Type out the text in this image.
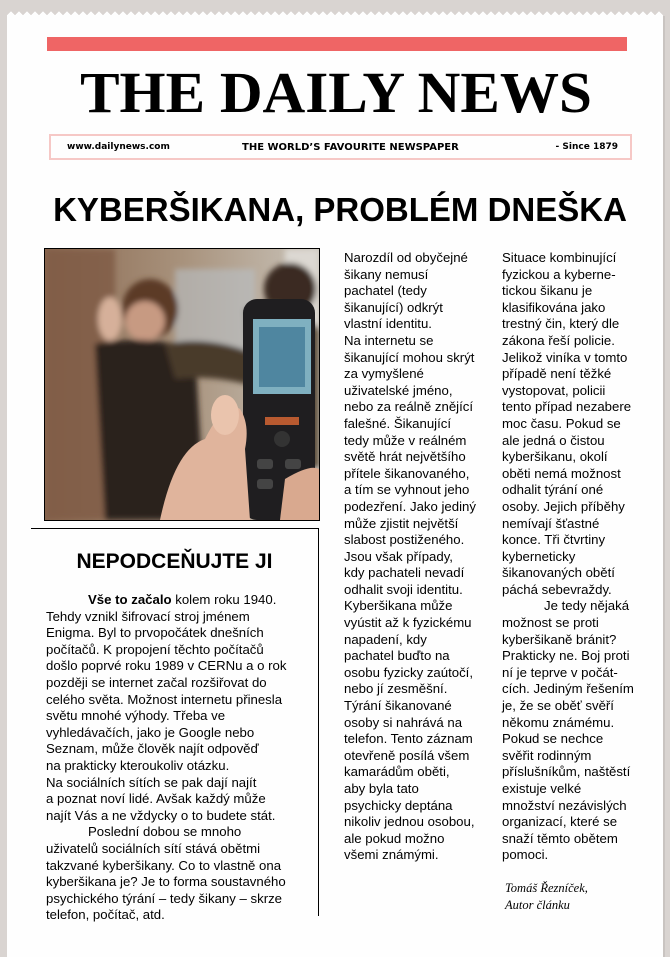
THE DAILY NEWS
www.dailynews.com	THE WORLD’S FAVOURITE NEWSPAPER	- Since 1879
KYBERŠIKANA, PROBLÉM DNEŠKA
NEPODCEŇUJTE JI

Vše to začalo kolem roku 1940.

Tehdy vznikl šifrovací stroj jménem
Enigma. Byl to prvopočátek dnešních
počítačů. K propojení těchto počítačů
došlo poprvé roku 1989 v CERNu a o rok
později se internet začal rozšiřovat do
celého světa. Možnost internetu přinesla
světu mnohé výhody. Třeba ve
vyhledávačích, jako je Google nebo
Seznam, může člověk najít odpověď
na prakticky kteroukoliv otázku.
Na sociálních sítích se pak dají najít
a poznat noví lidé. Avšak každý může
najít Vás a ne vždycky o to budete stát.

Poslední dobou se mnoho

uživatelů sociálních sítí stává obětmi
takzvané kyberšikany. Co to vlastně ona
kyberšikana je? Je to forma soustavného
psychického týrání – tedy šikany – skrze
telefon, počítač, atd.
Narozdíl od obyčejné
šikany nemusí
pachatel (tedy
šikanující) odkrýt
vlastní identitu.
Na internetu se
šikanující mohou skrýt
za vymyšlené
uživatelské jméno,
nebo za reálně znějící
falešné. Šikanující
tedy může v reálném
světě hrát největšího
přítele šikanovaného,
a tím se vyhnout jeho
podezření. Jako jediný
může zjistit největší
slabost postiženého.
Jsou však případy,
kdy pachateli nevadí
odhalit svoji identitu.
Kyberšikana může
vyústit až k fyzickému
napadení, kdy
pachatel buďto na
osobu fyzicky zaútočí,
nebo jí zesměšní.
Týrání šikanované
osoby si nahrává na
telefon. Tento záznam
otevřeně posílá všem
kamarádům oběti,
aby byla tato
psychicky deptána
nikoliv jednou osobou,
ale pokud možno
všemi známými.
Situace kombinující
fyzickou a kyberne-
tickou šikanu je
klasifikována jako
trestný čin, který dle
zákona řeší policie.
Jelikož viníka v tomto
případě není těžké
vystopovat, policii
tento případ nezabere
moc času. Pokud se
ale jedná o čistou
kyberšikanu, okolí
oběti nemá možnost
odhalit týrání oné
osoby. Jejich příběhy
nemívají šťastné
konce. Tři čtvrtiny
kyberneticky
šikanovaných obětí
páchá sebevraždy.
Je tedy nějaká
možnost se proti
kyberšikaně bránit?
Prakticky ne. Boj proti
ní je teprve v počát-
cích. Jediným řešením
je, že se oběť svěří
někomu známému.
Pokud se nechce
svěřit rodinným
příslušníkům, naštěstí
existuje velké
množství nezávislých
organizací, které se
snaží těmto obětem
pomoci.
Tomáš Řezníček,
Autor článku
